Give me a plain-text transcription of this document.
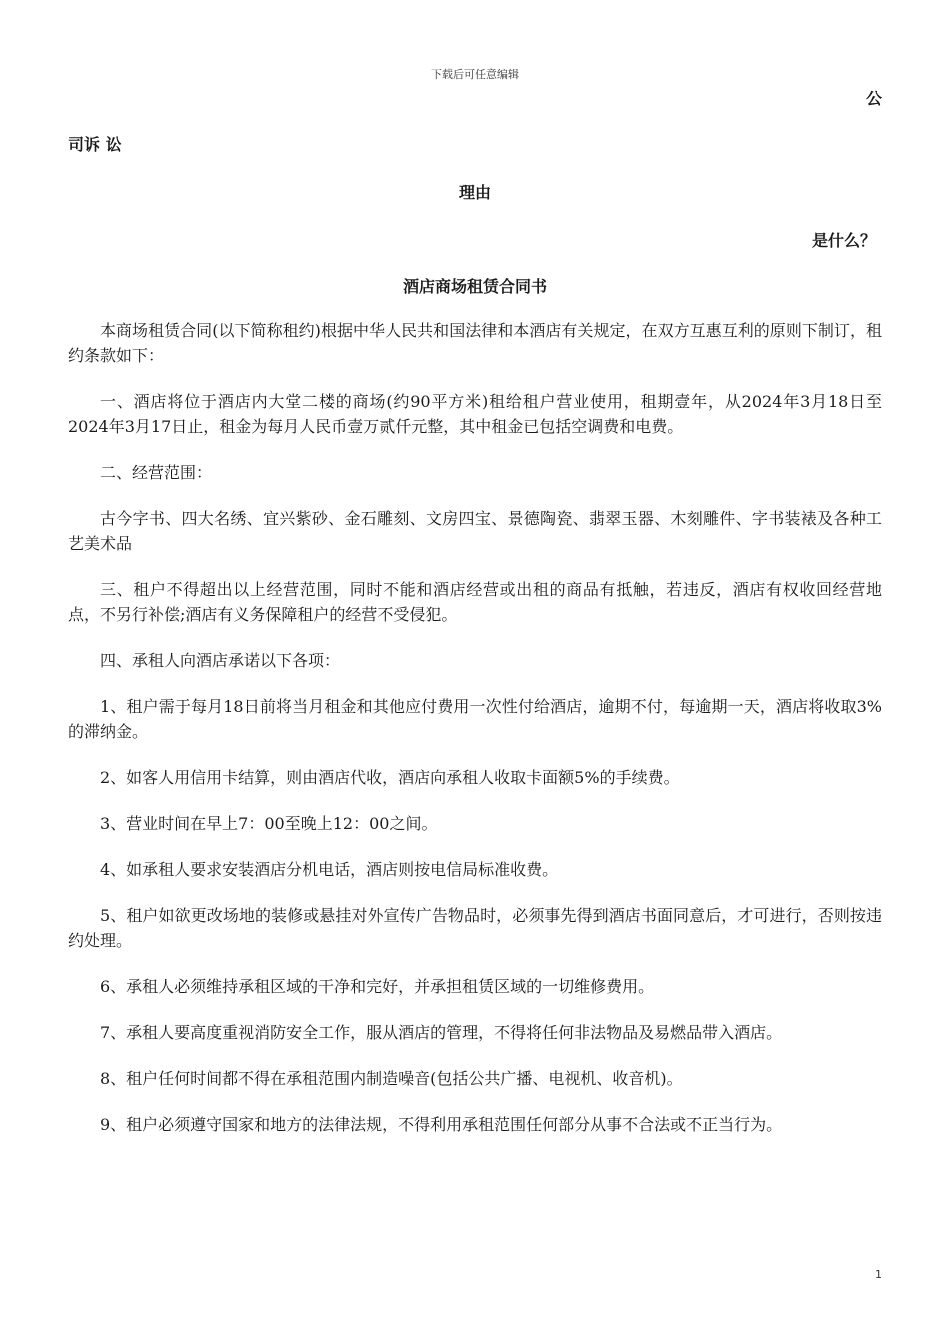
下载后可任意编辑
公
司诉 讼
理由
是什么？
酒店商场租赁合同书

本商场租赁合同(以下简称租约)根据中华人民共和国法律和本酒店有关规定，在双方互惠互利的原则下制订，租约条款如下：

一、酒店将位于酒店内大堂二楼的商场(约90平方米)租给租户营业使用，租期壹年，从2024年3月18日至2024年3月17日止，租金为每月人民币壹万贰仟元整，其中租金已包括空调费和电费。

二、经营范围：

古今字书、四大名绣、宜兴紫砂、金石雕刻、文房四宝、景德陶瓷、翡翠玉器、木刻雕件、字书装裱及各种工艺美术品

三、租户不得超出以上经营范围，同时不能和酒店经营或出租的商品有抵触，若违反，酒店有权收回经营地点，不另行补偿;酒店有义务保障租户的经营不受侵犯。

四、承租人向酒店承诺以下各项：

1、租户需于每月18日前将当月租金和其他应付费用一次性付给酒店，逾期不付，每逾期一天，酒店将收取3%的滞纳金。

2、如客人用信用卡结算，则由酒店代收，酒店向承租人收取卡面额5%的手续费。

3、营业时间在早上7：00至晚上12：00之间。

4、如承租人要求安装酒店分机电话，酒店则按电信局标准收费。

5、租户如欲更改场地的装修或悬挂对外宣传广告物品时，必须事先得到酒店书面同意后，才可进行，否则按违约处理。

6、承租人必须维持承租区域的干净和完好，并承担租赁区域的一切维修费用。

7、承租人要高度重视消防安全工作，服从酒店的管理，不得将任何非法物品及易燃品带入酒店。

8、租户任何时间都不得在承租范围内制造噪音(包括公共广播、电视机、收音机)。

9、租户必须遵守国家和地方的法律法规，不得利用承租范围任何部分从事不合法或不正当行为。

1
